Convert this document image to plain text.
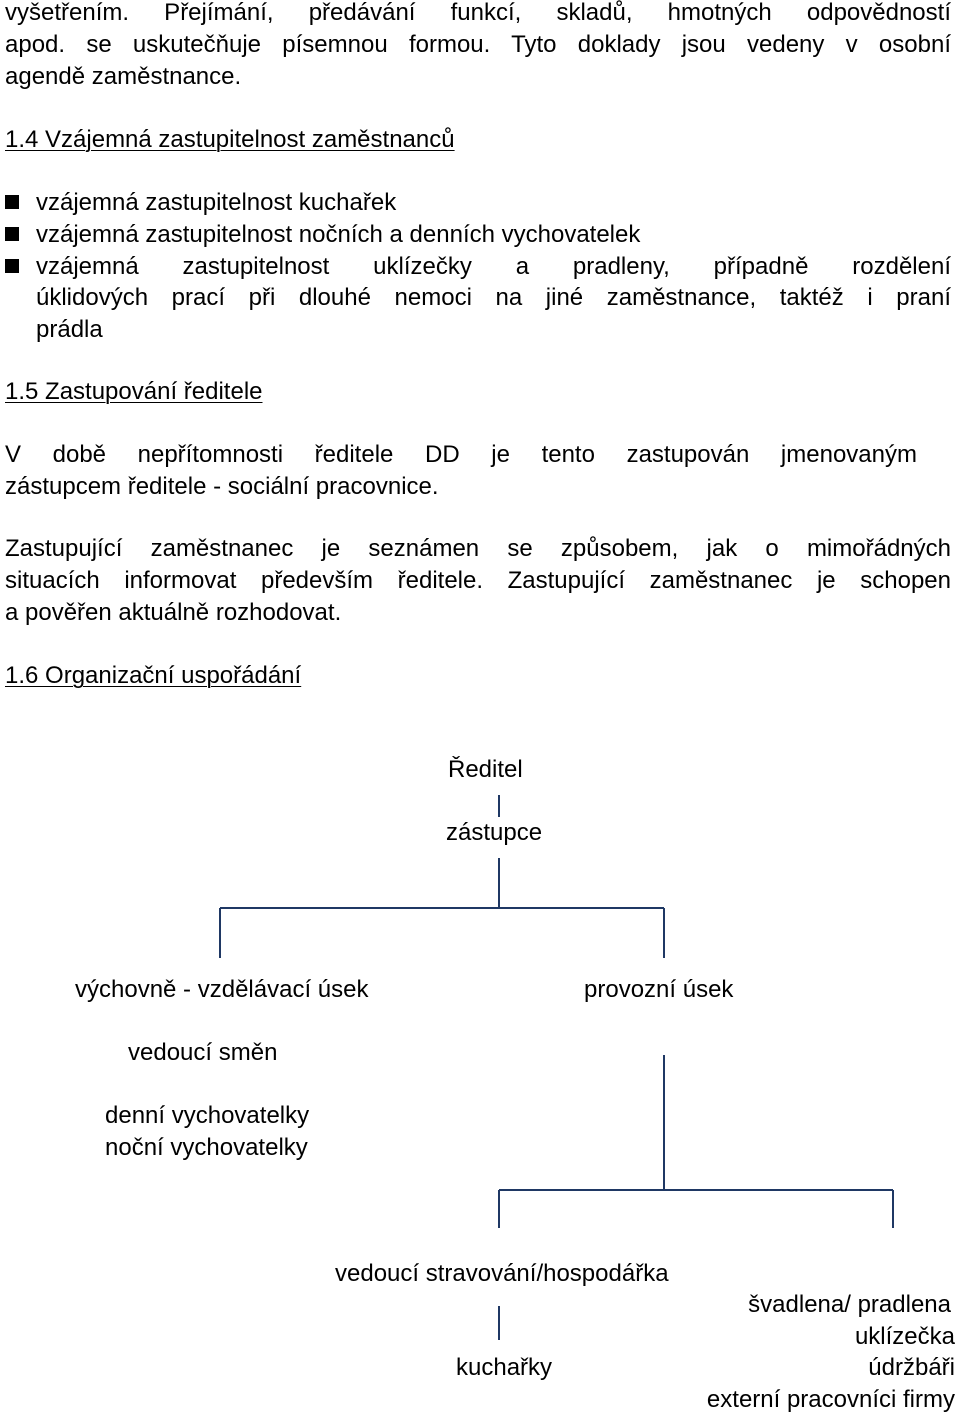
vyšetřením. Přejímání, předávání funkcí, skladů, hmotných odpovědností
apod. se uskutečňuje písemnou formou. Tyto doklady jsou vedeny v osobní
agendě zaměstnance.
1.4 Vzájemná zastupitelnost zaměstnanců
vzájemná zastupitelnost kuchařek
vzájemná zastupitelnost nočních a denních vychovatelek
vzájemná zastupitelnost uklízečky a pradleny, případně rozdělení
úklidových prací při dlouhé nemoci na jiné zaměstnance, taktéž i praní
prádla
1.5 Zastupování ředitele
V době nepřítomnosti ředitele DD je tento zastupován jmenovaným
zástupcem ředitele - sociální pracovnice.
Zastupující zaměstnanec je seznámen se způsobem, jak o mimořádných
situacích informovat především ředitele. Zastupující zaměstnanec je schopen
a pověřen aktuálně rozhodovat.
1.6 Organizační uspořádání
Ředitel
zástupce
výchovně - vzdělávací úsek	provozní úsek
vedoucí směn
denní vychovatelky
noční vychovatelky
vedoucí stravování/hospodářka
švadlena/ pradlena
uklízečka
kuchařky	údržbáři
externí pracovníci firmy
